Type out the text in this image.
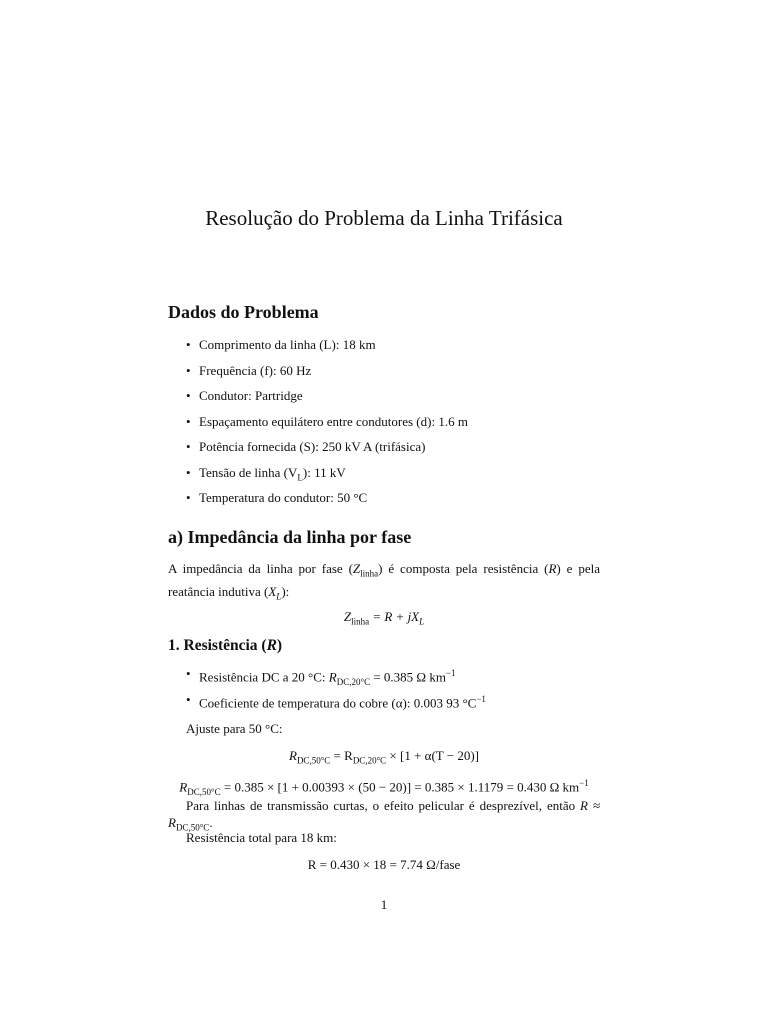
Resolução do Problema da Linha Trifásica
Dados do Problema
• Comprimento da linha (L): 18 km
• Frequência (f): 60 Hz
• Condutor: Partridge
• Espaçamento equilátero entre condutores (d): 1.6 m
• Potência fornecida (S): 250 kV A (trifásica)
• Tensão de linha $(V_L)$: 11 kV
• Temperatura do condutor: 50 °C
a) Impedância da linha por fase

A impedância da linha por fase $(Z_{linha})$ é composta pela resistência (R) e pela reatância indutiva $(X_L)$:

$Z_{linha} = R + jX_L$

1. Resistência (R)
• Resistência DC a 20 °C: $R_{DC,20^\circ C} = 0.385$ Ω $km^{-1}$
• Coeficiente de temperatura do cobre (α): 0.003 93 $^\circ C^{-1}$

Ajuste para 50 °C:

$R_{DC,50^\circ C} = R_{DC,20^\circ C} \times [1 + \alpha(T - 20)]$

$R_{DC,50^\circ C} = 0.385 \times [1 + 0.00393 \times (50 - 20)] = 0.385 \times 1.1179 = 0.430$ Ω $km^{-1}$

Para linhas de transmissão curtas, o efeito pelicular é desprezível, então $R \approx R_{DC,50^\circ C}$.

Resistência total para 18 km:

R = 0.430 × 18 = 7.74 Ω/fase

1
